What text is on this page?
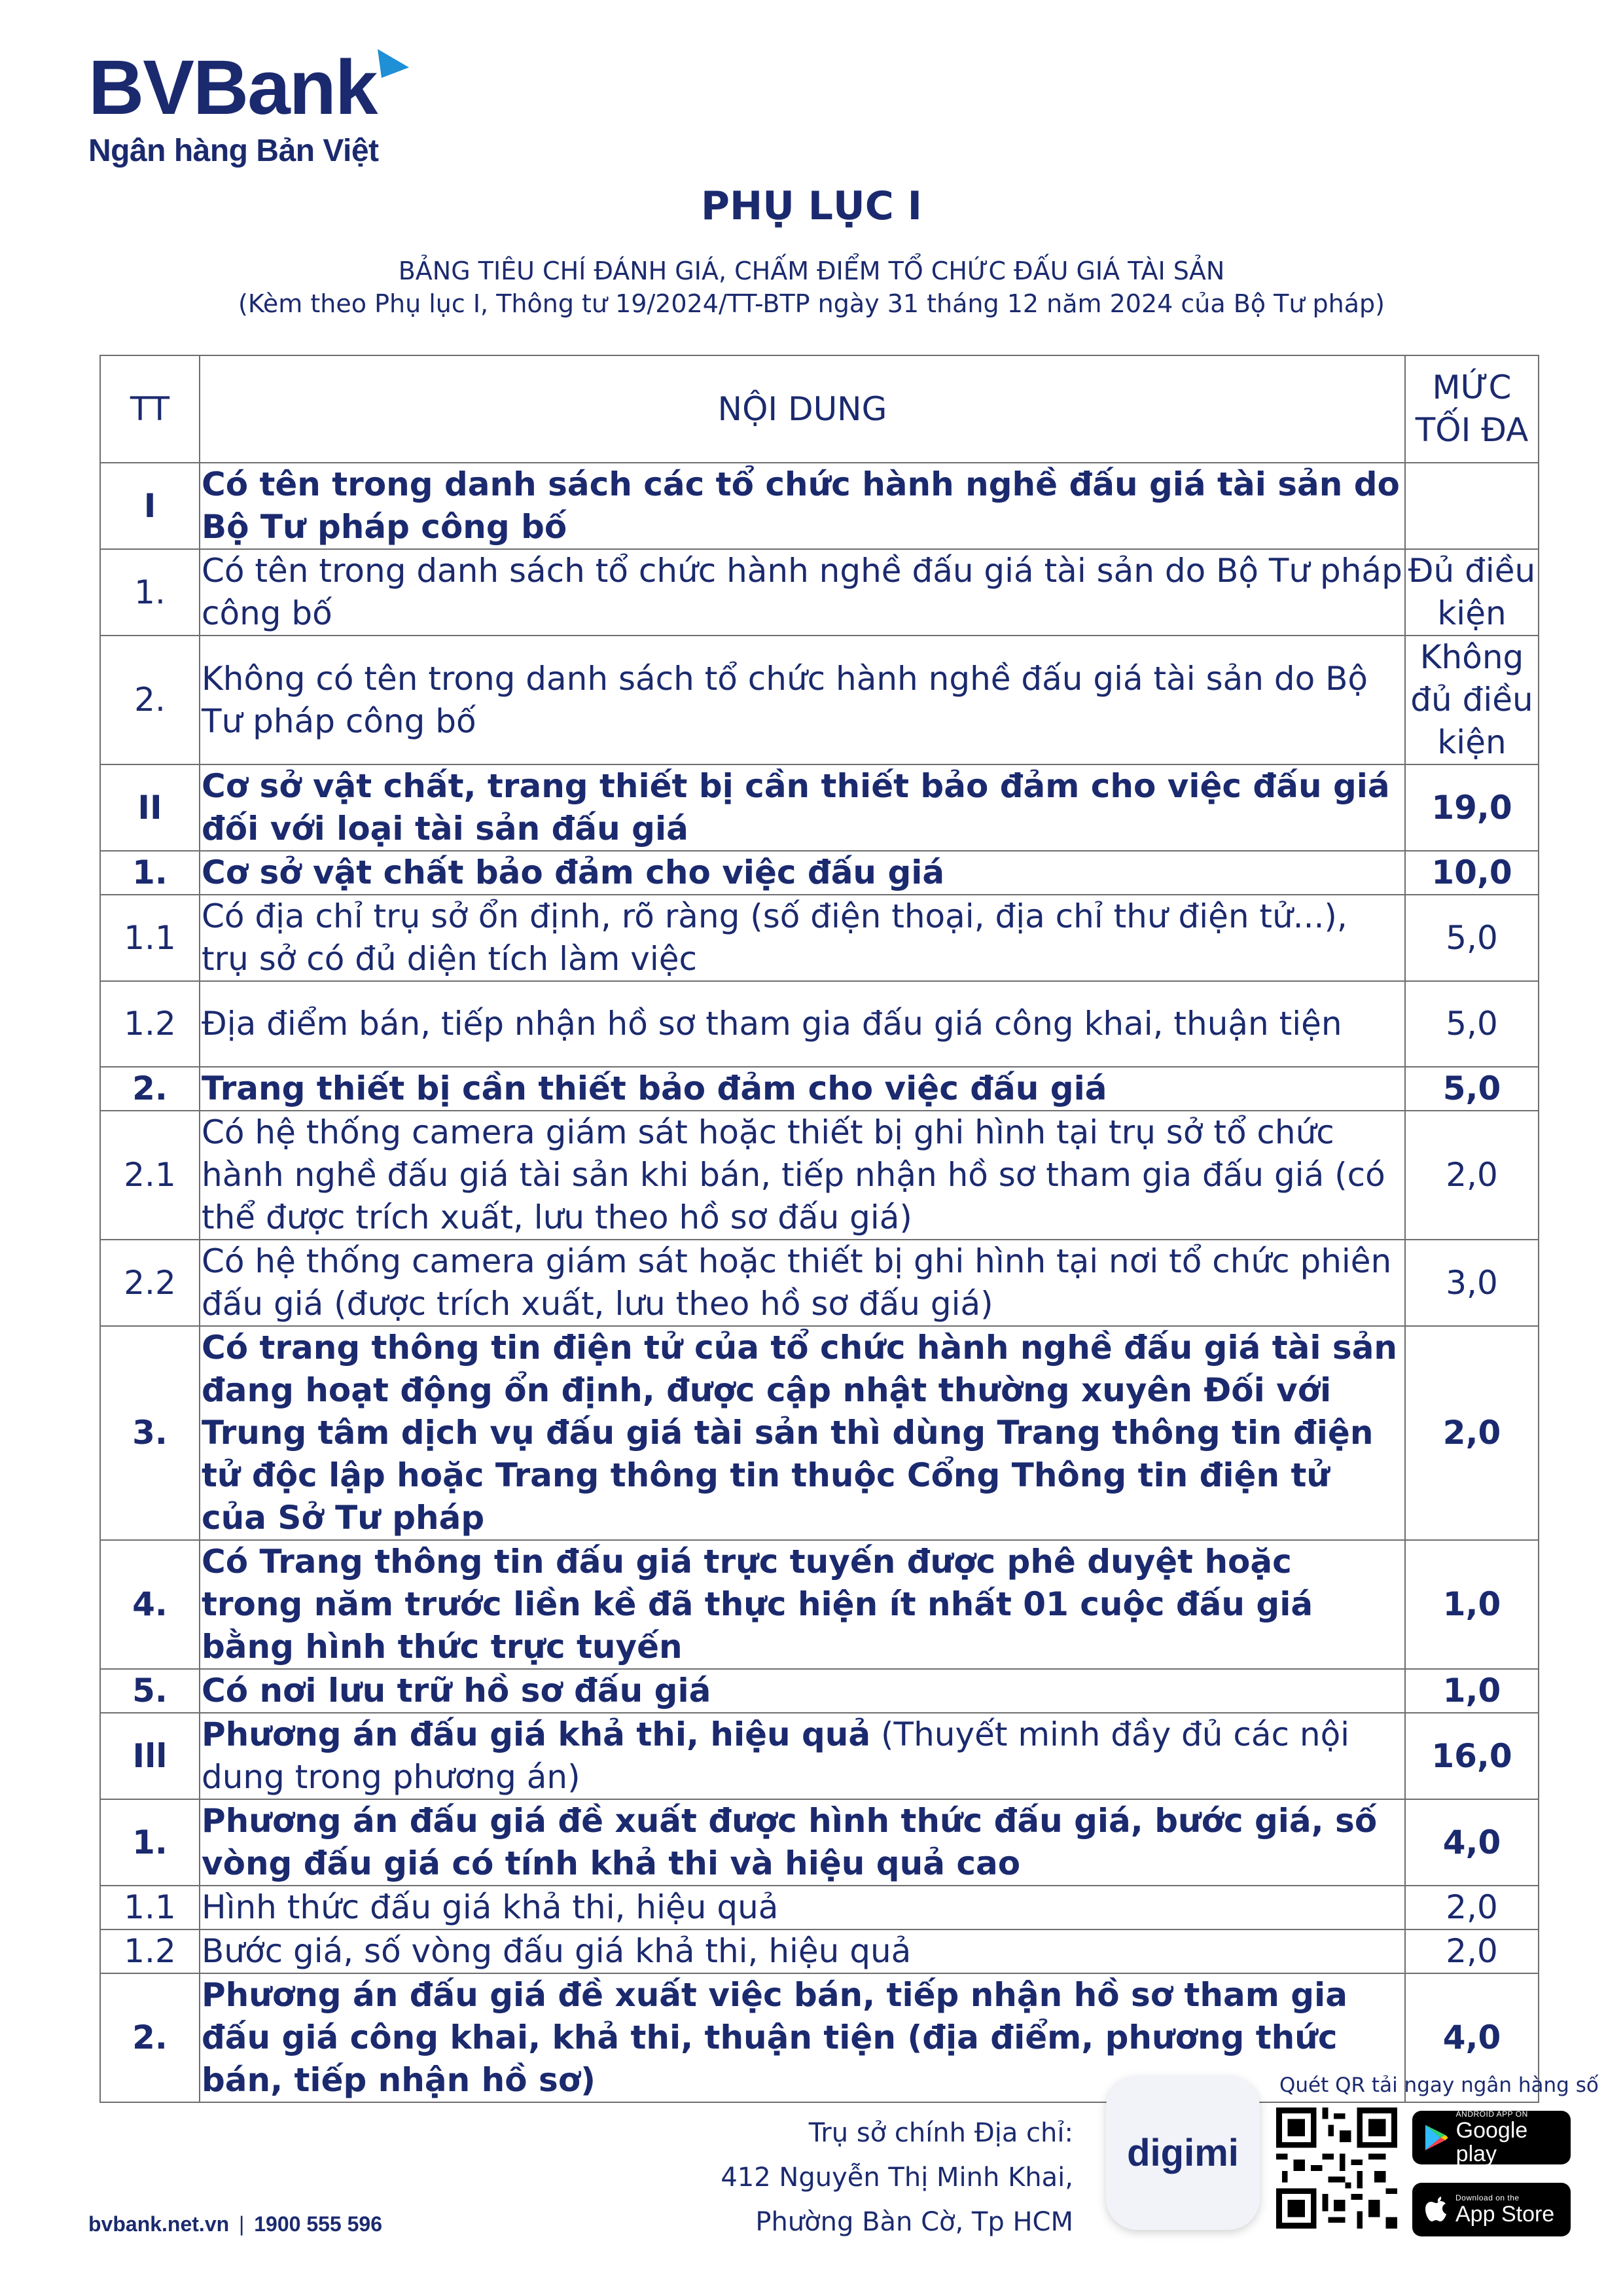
BVBank
Ngân hàng Bản Việt
PHỤ LỤC I
BẢNG TIÊU CHÍ ĐÁNH GIÁ, CHẤM ĐIỂM TỔ CHỨC ĐẤU GIÁ TÀI SẢN
(Kèm theo Phụ lục I, Thông tư 19/2024/TT-BTP ngày 31 tháng 12 năm 2024 của Bộ Tư pháp)
TT	NỘI DUNG	MỨC TỐI ĐA
I	Có tên trong danh sách các tổ chức hành nghề đấu giá tài sản do Bộ Tư pháp công bố	
1.	Có tên trong danh sách tổ chức hành nghề đấu giá tài sản do Bộ Tư pháp công bố	Đủ điều kiện
2.	Không có tên trong danh sách tổ chức hành nghề đấu giá tài sản do Bộ Tư pháp công bố	Không đủ điều kiện
II	Cơ sở vật chất, trang thiết bị cần thiết bảo đảm cho việc đấu giá đối với loại tài sản đấu giá	19,0
1.	Cơ sở vật chất bảo đảm cho việc đấu giá	10,0
1.1	Có địa chỉ trụ sở ổn định, rõ ràng (số điện thoại, địa chỉ thư điện tử...), trụ sở có đủ diện tích làm việc	5,0
1.2	Địa điểm bán, tiếp nhận hồ sơ tham gia đấu giá công khai, thuận tiện	5,0
2.	Trang thiết bị cần thiết bảo đảm cho việc đấu giá	5,0
2.1	Có hệ thống camera giám sát hoặc thiết bị ghi hình tại trụ sở tổ chức hành nghề đấu giá tài sản khi bán, tiếp nhận hồ sơ tham gia đấu giá (có thể được trích xuất, lưu theo hồ sơ đấu giá)	2,0
2.2	Có hệ thống camera giám sát hoặc thiết bị ghi hình tại nơi tổ chức phiên đấu giá (được trích xuất, lưu theo hồ sơ đấu giá)	3,0
3.	Có trang thông tin điện tử của tổ chức hành nghề đấu giá tài sản đang hoạt động ổn định, được cập nhật thường xuyên Đối với Trung tâm dịch vụ đấu giá tài sản thì dùng Trang thông tin điện tử độc lập hoặc Trang thông tin thuộc Cổng Thông tin điện tử của Sở Tư pháp	2,0
4.	Có Trang thông tin đấu giá trực tuyến được phê duyệt hoặc trong năm trước liền kề đã thực hiện ít nhất 01 cuộc đấu giá bằng hình thức trực tuyến	1,0
5.	Có nơi lưu trữ hồ sơ đấu giá	1,0
Ill	Phương án đấu giá khả thi, hiệu quả (Thuyết minh đầy đủ các nội dung trong phương án)	16,0
1.	Phương án đấu giá đề xuất được hình thức đấu giá, bước giá, số vòng đấu giá có tính khả thi và hiệu quả cao	4,0
1.1	Hình thức đấu giá khả thi, hiệu quả	2,0
1.2	Bước giá, số vòng đấu giá khả thi, hiệu quả	2,0
2.	Phương án đấu giá đề xuất việc bán, tiếp nhận hồ sơ tham gia đấu giá công khai, khả thi, thuận tiện (địa điểm, phương thức bán, tiếp nhận hồ sơ)	4,0
bvbank.net.vn | 1900 555 596
Trụ sở chính Địa chỉ:
412 Nguyễn Thị Minh Khai,
Phường Bàn Cờ, Tp HCM
digimi
Quét QR tải ngay ngân hàng số
ANDROID APP ON
Google play
Download on the
App Store
